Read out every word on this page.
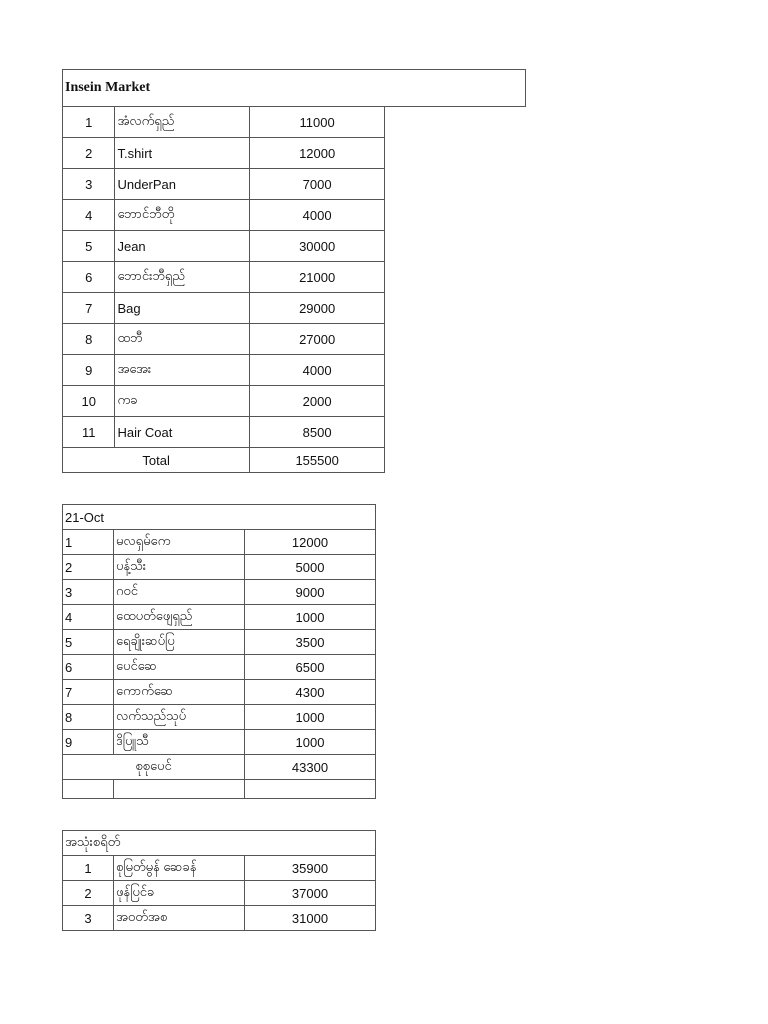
Insein Market			
1	အံလက်ရှည်	11000	
2	T.shirt	12000	
3	UnderPan	7000	
4	ဘောင်ဘီတို	4000	
5	Jean	30000	
6	ဘောင်းဘီရှည်	21000	
7	Bag	29000	
8	ထဘီ	27000	
9	အအေး	4000	
10	ကခ	2000	
11	Hair Coat	8500	
Total		155500	
21-Oct		
1	မလရှမ်ကေ	12000
2	ပန့်သီး	5000
3	ဂဝင်	9000
4	ထေပတ်ဖျေရှည်	1000
5	ရေချိုးဆပ်ပြ	3500
6	ပေင်ဆေ	6500
7	ကောက်ဆေ	4300
8	လက်သည်သုပ်	1000
9	ဒိပြူသီ	1000
စုစုပေင်		43300

အသုံးစရိတ်		
1	စုမြတ်မွန် ဆေခန်	35900
2	ဖုန်ပြင်ခ	37000
3	အဝတ်အစ	31000
